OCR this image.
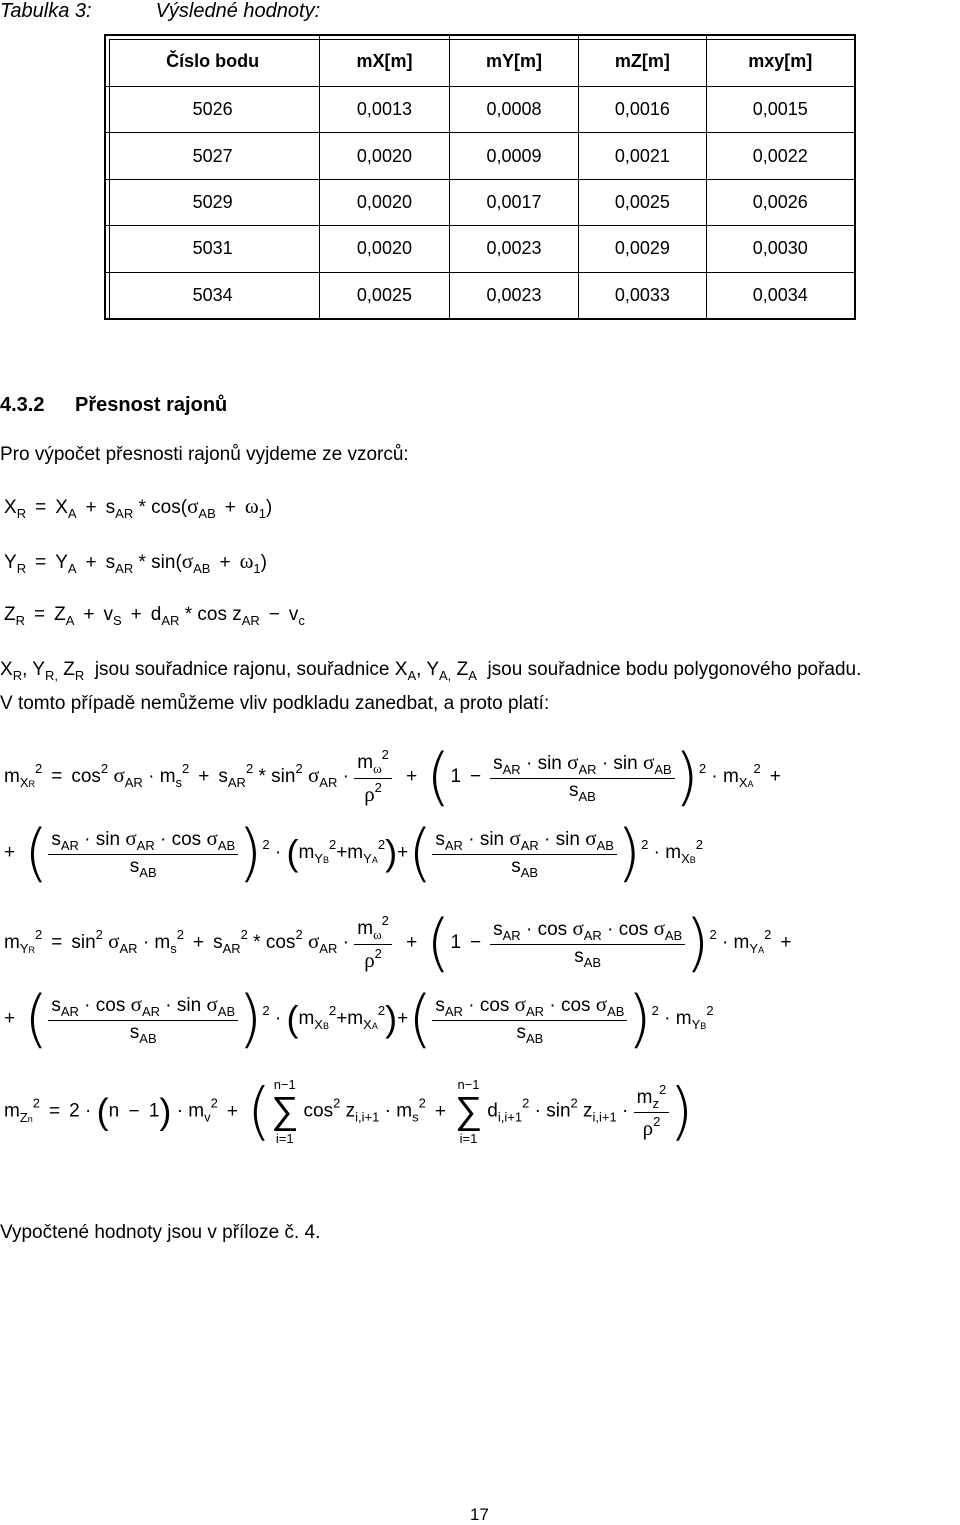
Tabulka 3:	Výsledné hodnoty:
Číslo bodu	mX[m]	mY[m]	mZ[m]	mxy[m]
5026	0,0013	0,0008	0,0016	0,0015
5027	0,0020	0,0009	0,0021	0,0022
5029	0,0020	0,0017	0,0025	0,0026
5031	0,0020	0,0023	0,0029	0,0030
5034	0,0025	0,0023	0,0033	0,0034
4.3.2 Přesnost rajonů
Pro výpočet přesnosti rajonů vyjdeme ze vzorců:
$X_R = X_A + s_{AR} * \cos(\sigma_{AB} + \omega_1)$
$Y_R = Y_A + s_{AR} * \sin(\sigma_{AB} + \omega_1)$
$Z_R = Z_A + v_S + d_{AR} * \cos z_{AR} - v_c$
$X_R$, $Y_{R,}$ $Z_R$ jsou souřadnice rajonu, souřadnice $X_A$, $Y_{A,}$ $Z_A$ jsou souřadnice bodu polygonového pořadu.
V tomto případě nemůžeme vliv podkladu zanedbat, a proto platí:
$m_{XR}^2 = \cos^2 \sigma_{AR} \cdot m_s^2 + s_{AR}^2 * \sin^2 \sigma_{AR} \cdot \frac{m_\omega^2}{\rho^2} + (1 - \frac{s_{AR} \cdot \sin \sigma_{AR} \cdot \sin \sigma_{AB}}{s_{AB}} )^2 \cdot m_{XA}^2$ +
+ ( $\frac{s_{AR} \cdot \sin \sigma_{AR} \cdot \cos \sigma_{AB}}{s_{AB}} )^2 \cdot (m_{YB}^2+m_{YA}^2)+( \frac{s_{AR} \cdot \sin \sigma_{AR} \cdot \sin \sigma_{AB}}{s_{AB}} )^2 \cdot m_{XB}^2$
$m_{YR}^2 = \sin^2 \sigma_{AR} \cdot m_s^2 + s_{AR}^2 * \cos^2 \sigma_{AR} \cdot \frac{m_\omega^2}{\rho^2} + (1 - \frac{s_{AR} \cdot \cos \sigma_{AR} \cdot \cos \sigma_{AB}}{s_{AB}} )^2 \cdot m_{YA}^2$ +
+ ( $\frac{s_{AR} \cdot \cos \sigma_{AR} \cdot \sin \sigma_{AB}}{s_{AB}} )^2 \cdot (m_{XB}^2+m_{XA}^2)+( \frac{s_{AR} \cdot \cos \sigma_{AR} \cdot \cos \sigma_{AB}}{s_{AB}} )^2 \cdot m_{YB}^2$
$m_{Zn}^2 = 2 \cdot (n - 1) \cdot m_v^2$ + ( n−1
∑
i=1
$\cos^2 z_{i,i+1} \cdot m_s^2$ +
n−1
∑
i=1
$d_{i,i+1}^2 \cdot \sin^2 z_{i,i+1} \cdot \frac{m_z^2}{\rho^2}$ )
Vypočtené hodnoty jsou v příloze č. 4.
17
